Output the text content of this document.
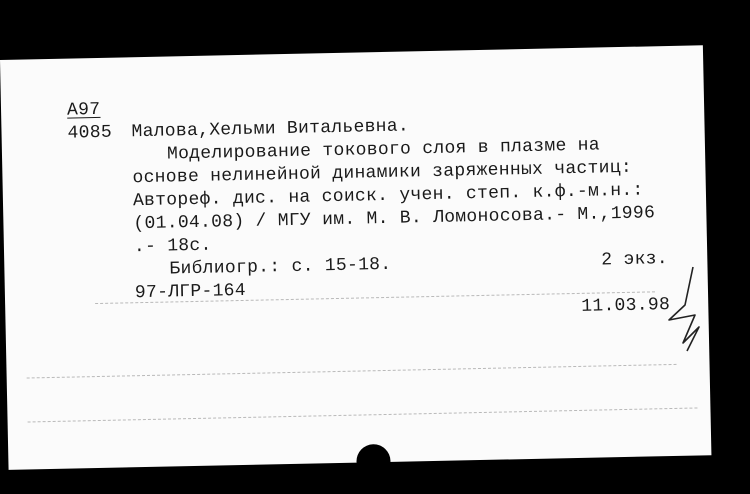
А97
4085 Малова,Хельми Витальевна.
Моделирование токового слоя в плазме на
основе нелинейной динамики заряженных частиц:
Автореф. дис. на соиск. учен. степ. к.ф.-м.н.:
(01.04.08) / МГУ им. М. В. Ломоносова.- М.,1996
.- 18с.
Библиогр.: с. 15-18.	2 экз.
97-ЛГР-164
11.03.98
